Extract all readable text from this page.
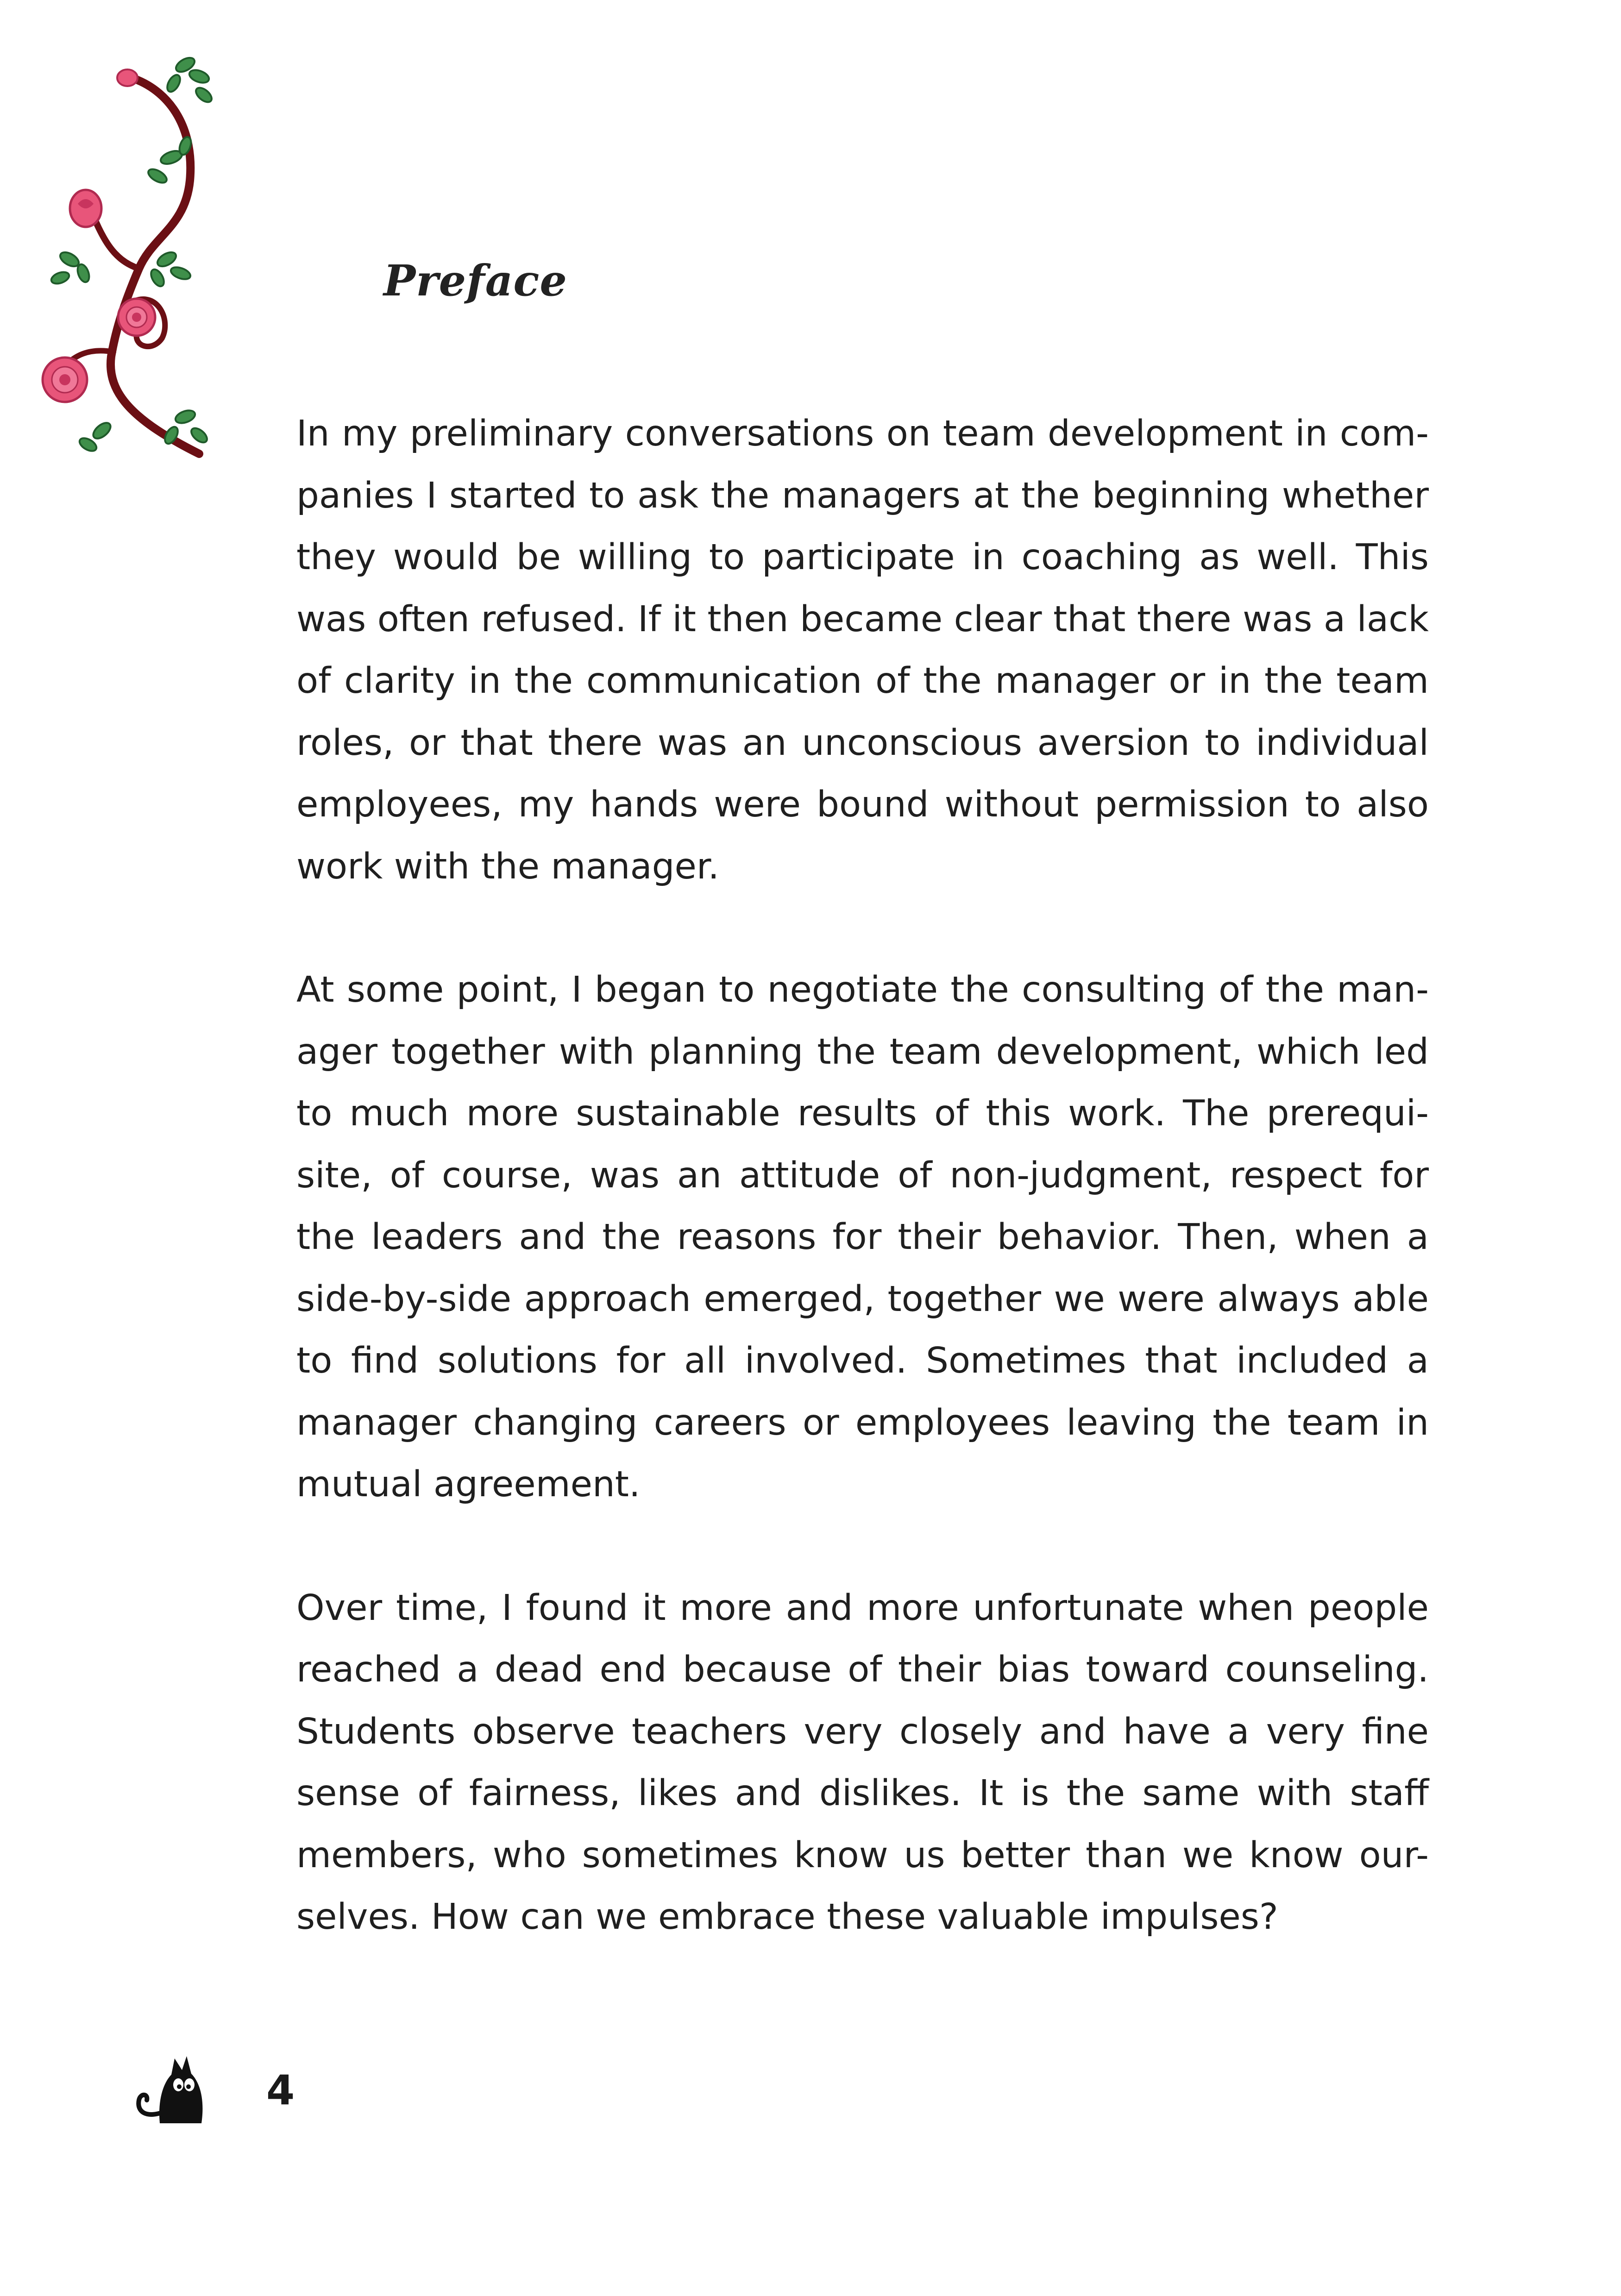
Preface

In my preliminary conversations on team development in com-
panies I started to ask the managers at the beginning whether
they would be willing to participate in coaching as well. This
was often refused. If it then became clear that there was a lack
of clarity in the communication of the manager or in the team
roles, or that there was an unconscious aversion to individual
employees, my hands were bound without permission to also
work with the manager.

At some point, I began to negotiate the consulting of the man-
ager together with planning the team development, which led
to much more sustainable results of this work. The prerequi-
site, of course, was an attitude of non-judgment, respect for
the leaders and the reasons for their behavior. Then, when a
side-by-side approach emerged, together we were always able
to find solutions for all involved. Sometimes that included a
manager changing careers or employees leaving the team in
mutual agreement.

Over time, I found it more and more unfortunate when people
reached a dead end because of their bias toward counseling.
Students observe teachers very closely and have a very fine
sense of fairness, likes and dislikes. It is the same with staff
members, who sometimes know us better than we know our-
selves. How can we embrace these valuable impulses?

4
